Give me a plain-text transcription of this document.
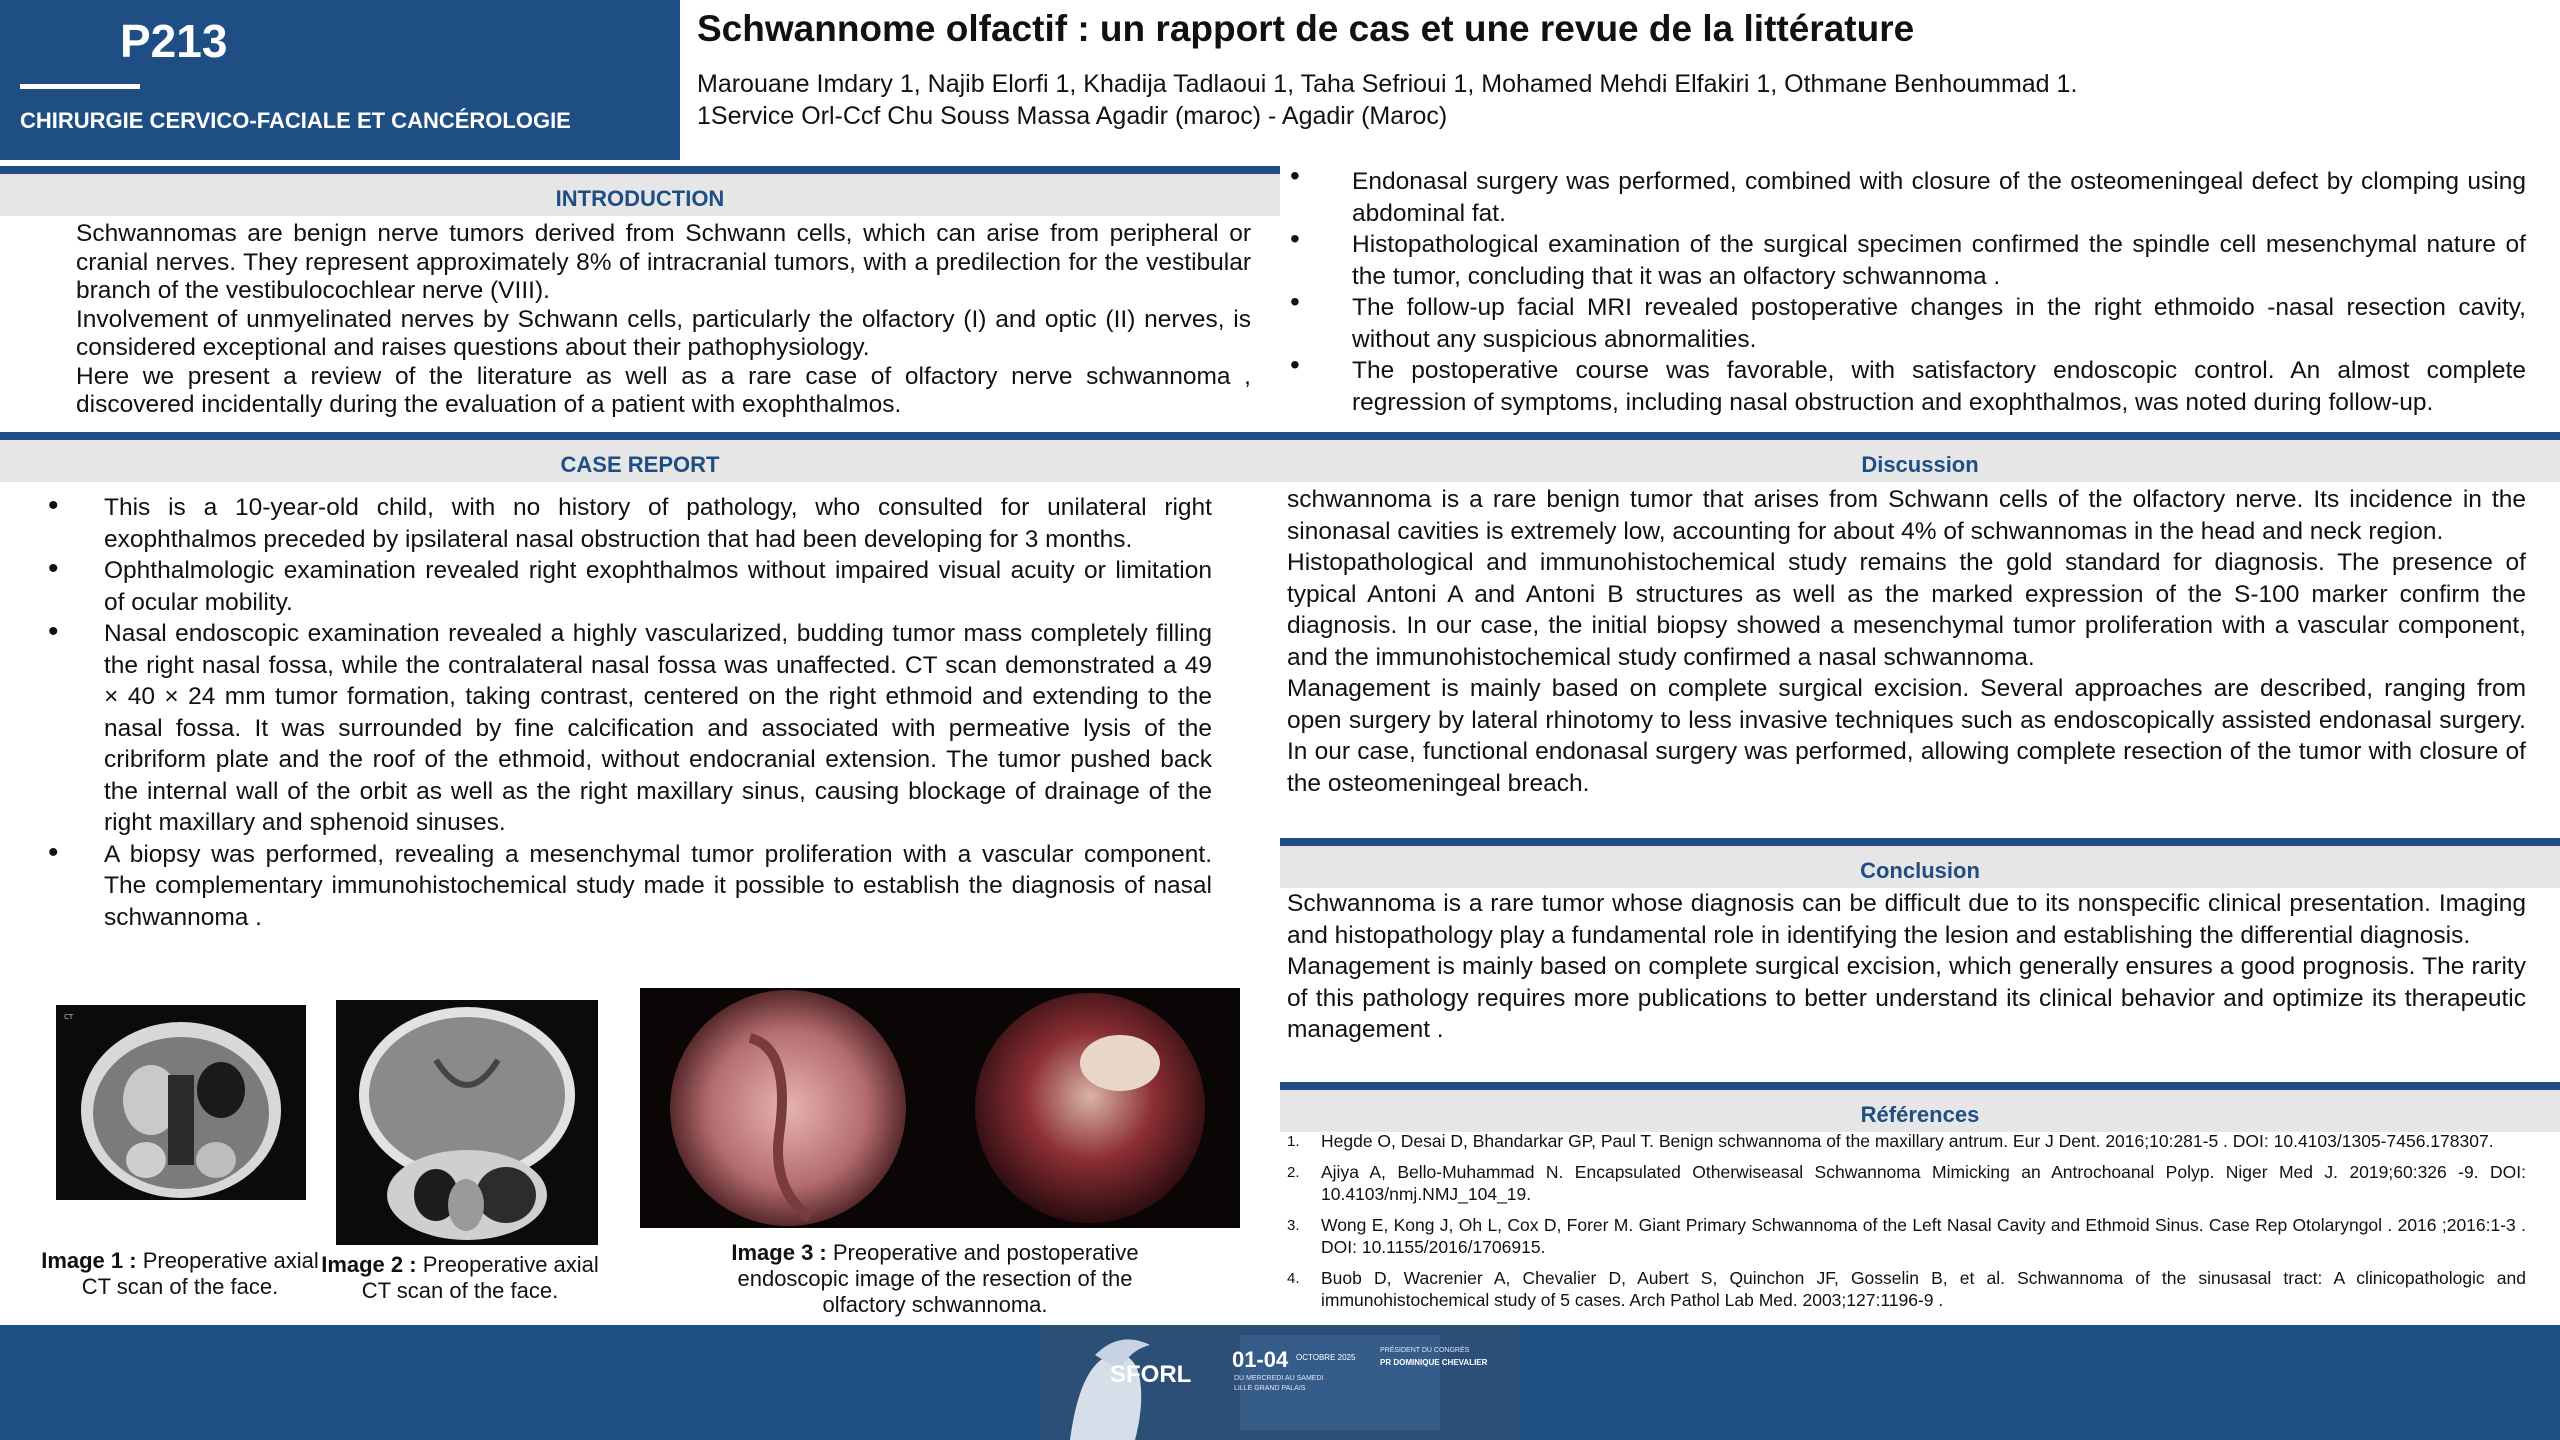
P213
CHIRURGIE CERVICO-FACIALE ET CANCÉROLOGIE
Schwannome olfactif : un rapport de cas et une revue de la littérature
Marouane Imdary 1, Najib Elorfi 1, Khadija Tadlaoui 1, Taha Sefrioui 1, Mohamed Mehdi Elfakiri 1, Othmane Benhoummad 1.
1Service Orl-Ccf Chu Souss Massa Agadir (maroc) - Agadir (Maroc)
INTRODUCTION

Schwannomas are benign nerve tumors derived from Schwann cells, which can arise from peripheral or cranial nerves. They represent approximately 8% of intracranial tumors, with a predilection for the vestibular branch of the vestibulocochlear nerve (VIII).

Involvement of unmyelinated nerves by Schwann cells, particularly the olfactory (I) and optic (II) nerves, is considered exceptional and raises questions about their pathophysiology.

Here we present a review of the literature as well as a rare case of olfactory nerve schwannoma , discovered incidentally during the evaluation of a patient with exophthalmos.

CASE REPORT
• This is a 10-year-old child, with no history of pathology, who consulted for unilateral right exophthalmos preceded by ipsilateral nasal obstruction that had been developing for 3 months.
• Ophthalmologic examination revealed right exophthalmos without impaired visual acuity or limitation of ocular mobility.
• Nasal endoscopic examination revealed a highly vascularized, budding tumor mass completely filling the right nasal fossa, while the contralateral nasal fossa was unaffected. CT scan demonstrated a 49 × 40 × 24 mm tumor formation, taking contrast, centered on the right ethmoid and extending to the nasal fossa. It was surrounded by fine calcification and associated with permeative lysis of the cribriform plate and the roof of the ethmoid, without endocranial extension. The tumor pushed back the internal wall of the orbit as well as the right maxillary sinus, causing blockage of drainage of the right maxillary and sphenoid sinuses.
• A biopsy was performed, revealing a mesenchymal tumor proliferation with a vascular component. The complementary immunohistochemical study made it possible to establish the diagnosis of nasal schwannoma .
CT
Image 1 : Preoperative axial CT scan of the face.
Image 2 : Preoperative axial CT scan of the face.
Image 3 : Preoperative and postoperative endoscopic image of the resection of the olfactory schwannoma.
• Endonasal surgery was performed, combined with closure of the osteomeningeal defect by clomping using abdominal fat.
• Histopathological examination of the surgical specimen confirmed the spindle cell mesenchymal nature of the tumor, concluding that it was an olfactory schwannoma .
• The follow-up facial MRI revealed postoperative changes in the right ethmoido -nasal resection cavity, without any suspicious abnormalities.
• The postoperative course was favorable, with satisfactory endoscopic control. An almost complete regression of symptoms, including nasal obstruction and exophthalmos, was noted during follow-up.
Discussion

schwannoma is a rare benign tumor that arises from Schwann cells of the olfactory nerve. Its incidence in the sinonasal cavities is extremely low, accounting for about 4% of schwannomas in the head and neck region.

Histopathological and immunohistochemical study remains the gold standard for diagnosis. The presence of typical Antoni A and Antoni B structures as well as the marked expression of the S-100 marker confirm the diagnosis. In our case, the initial biopsy showed a mesenchymal tumor proliferation with a vascular component, and the immunohistochemical study confirmed a nasal schwannoma.

Management is mainly based on complete surgical excision. Several approaches are described, ranging from open surgery by lateral rhinotomy to less invasive techniques such as endoscopically assisted endonasal surgery. In our case, functional endonasal surgery was performed, allowing complete resection of the tumor with closure of the osteomeningeal breach.

Conclusion

Schwannoma is a rare tumor whose diagnosis can be difficult due to its nonspecific clinical presentation. Imaging and histopathology play a fundamental role in identifying the lesion and establishing the differential diagnosis.

Management is mainly based on complete surgical excision, which generally ensures a good prognosis. The rarity of this pathology requires more publications to better understand its clinical behavior and optimize its therapeutic management .

Références
1. Hegde O, Desai D, Bhandarkar GP, Paul T. Benign schwannoma of the maxillary antrum. Eur J Dent. 2016;10:281-5 . DOI: 10.4103/1305-7456.178307.
2. Ajiya A, Bello-Muhammad N. Encapsulated Otherwiseasal Schwannoma Mimicking an Antrochoanal Polyp. Niger Med J. 2019;60:326 -9. DOI: 10.4103/nmj.NMJ_104_19.
3. Wong E, Kong J, Oh L, Cox D, Forer M. Giant Primary Schwannoma of the Left Nasal Cavity and Ethmoid Sinus. Case Rep Otolaryngol . 2016 ;2016:1-3 . DOI: 10.1155/2016/1706915.
4. Buob D, Wacrenier A, Chevalier D, Aubert S, Quinchon JF, Gosselin B, et al. Schwannoma of the sinusasal tract: A clinicopathologic and immunohistochemical study of 5 cases. Arch Pathol Lab Med. 2003;127:1196-9 .
SFORL
01-04 OCTOBRE 2025
DU MERCREDI AU SAMEDI
LILLE GRAND PALAIS
PRÉSIDENT DU CONGRÈS
PR DOMINIQUE CHEVALIER
